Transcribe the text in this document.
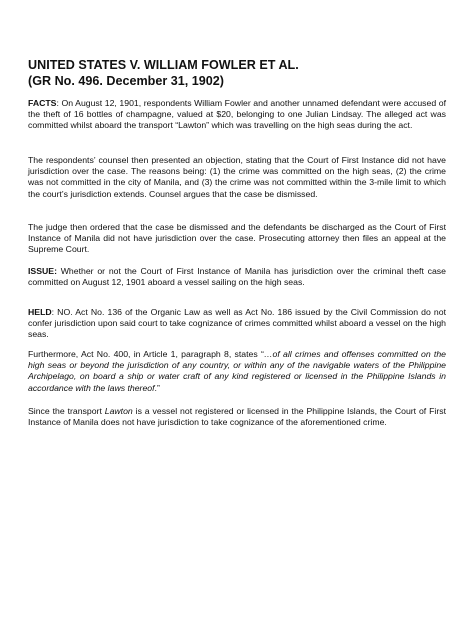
UNITED STATES V. WILLIAM FOWLER ET AL.
(GR No. 496. December 31, 1902)
FACTS: On August 12, 1901, respondents William Fowler and another unnamed defendant were accused of the theft of 16 bottles of champagne, valued at $20, belonging to one Julian Lindsay. The alleged act was committed whilst aboard the transport “Lawton” which was travelling on the high seas during the act.
The respondents’ counsel then presented an objection, stating that the Court of First Instance did not have jurisdiction over the case. The reasons being: (1) the crime was committed on the high seas, (2) the crime was not committed in the city of Manila, and (3) the crime was not committed within the 3-mile limit to which the court’s jurisdiction extends. Counsel argues that the case be dismissed.
The judge then ordered that the case be dismissed and the defendants be discharged as the Court of First Instance of Manila did not have jurisdiction over the case. Prosecuting attorney then files an appeal at the Supreme Court.
ISSUE: Whether or not the Court of First Instance of Manila has jurisdiction over the criminal theft case committed on August 12, 1901 aboard a vessel sailing on the high seas.
HELD: NO. Act No. 136 of the Organic Law as well as Act No. 186 issued by the Civil Commission do not confer jurisdiction upon said court to take cognizance of crimes committed whilst aboard a vessel on the high seas.
Furthermore, Act No. 400, in Article 1, paragraph 8, states “…of all crimes and offenses committed on the high seas or beyond the jurisdiction of any country, or within any of the navigable waters of the Philippine Archipelago, on board a ship or water craft of any kind registered or licensed in the Philippine Islands in accordance with the laws thereof.”
Since the transport Lawton is a vessel not registered or licensed in the Philippine Islands, the Court of First Instance of Manila does not have jurisdiction to take cognizance of the aforementioned crime.
